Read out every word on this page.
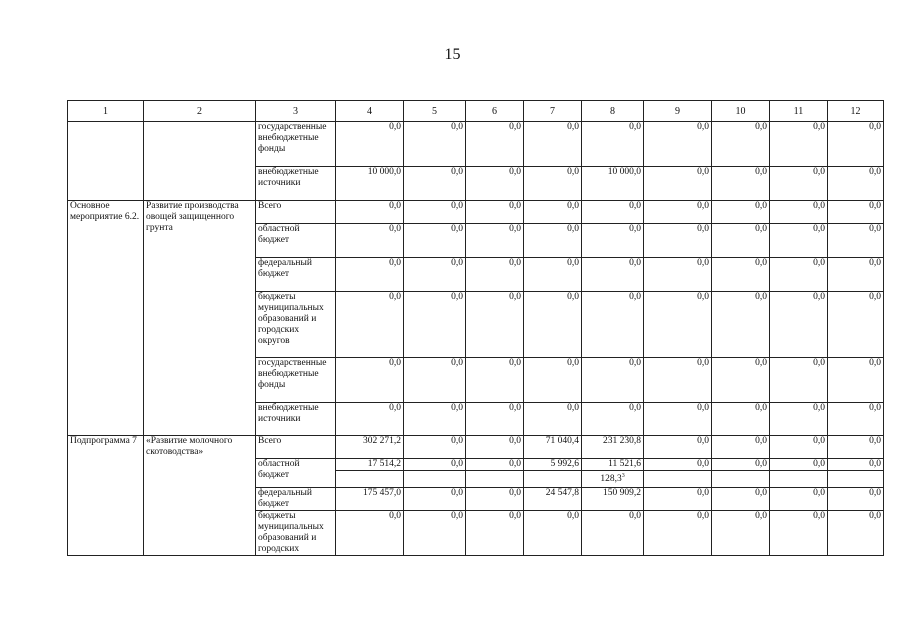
15
1	2	3	4	5	6	7	8	9	10	11	12
		государственные внебюджетные фонды	0,0	0,0	0,0	0,0	0,0	0,0	0,0	0,0	0,0
		внебюджетные источники	10 000,0	0,0	0,0	0,0	10 000,0	0,0	0,0	0,0	0,0
Основное мероприятие 6.2.	Развитие производства овощей защищенного грунта	Всего	0,0	0,0	0,0	0,0	0,0	0,0	0,0	0,0	0,0
		областной бюджет	0,0	0,0	0,0	0,0	0,0	0,0	0,0	0,0	0,0
		федеральный бюджет	0,0	0,0	0,0	0,0	0,0	0,0	0,0	0,0	0,0
		бюджеты муниципальных образований и городских округов	0,0	0,0	0,0	0,0	0,0	0,0	0,0	0,0	0,0
		государственные внебюджетные фонды	0,0	0,0	0,0	0,0	0,0	0,0	0,0	0,0	0,0
		внебюджетные источники	0,0	0,0	0,0	0,0	0,0	0,0	0,0	0,0	0,0
Подпрограмма 7	«Развитие молочного скотоводства»	Всего	302 271,2	0,0	0,0	71 040,4	231 230,8	0,0	0,0	0,0	0,0
		областной бюджет	17 514,2	0,0	0,0	5 992,6	11 521,6	0,0	0,0	0,0	0,0
							128,3$^3$				
		федеральный бюджет	175 457,0	0,0	0,0	24 547,8	150 909,2	0,0	0,0	0,0	0,0
		бюджеты муниципальных образований и городских	0,0	0,0	0,0	0,0	0,0	0,0	0,0	0,0	0,0
